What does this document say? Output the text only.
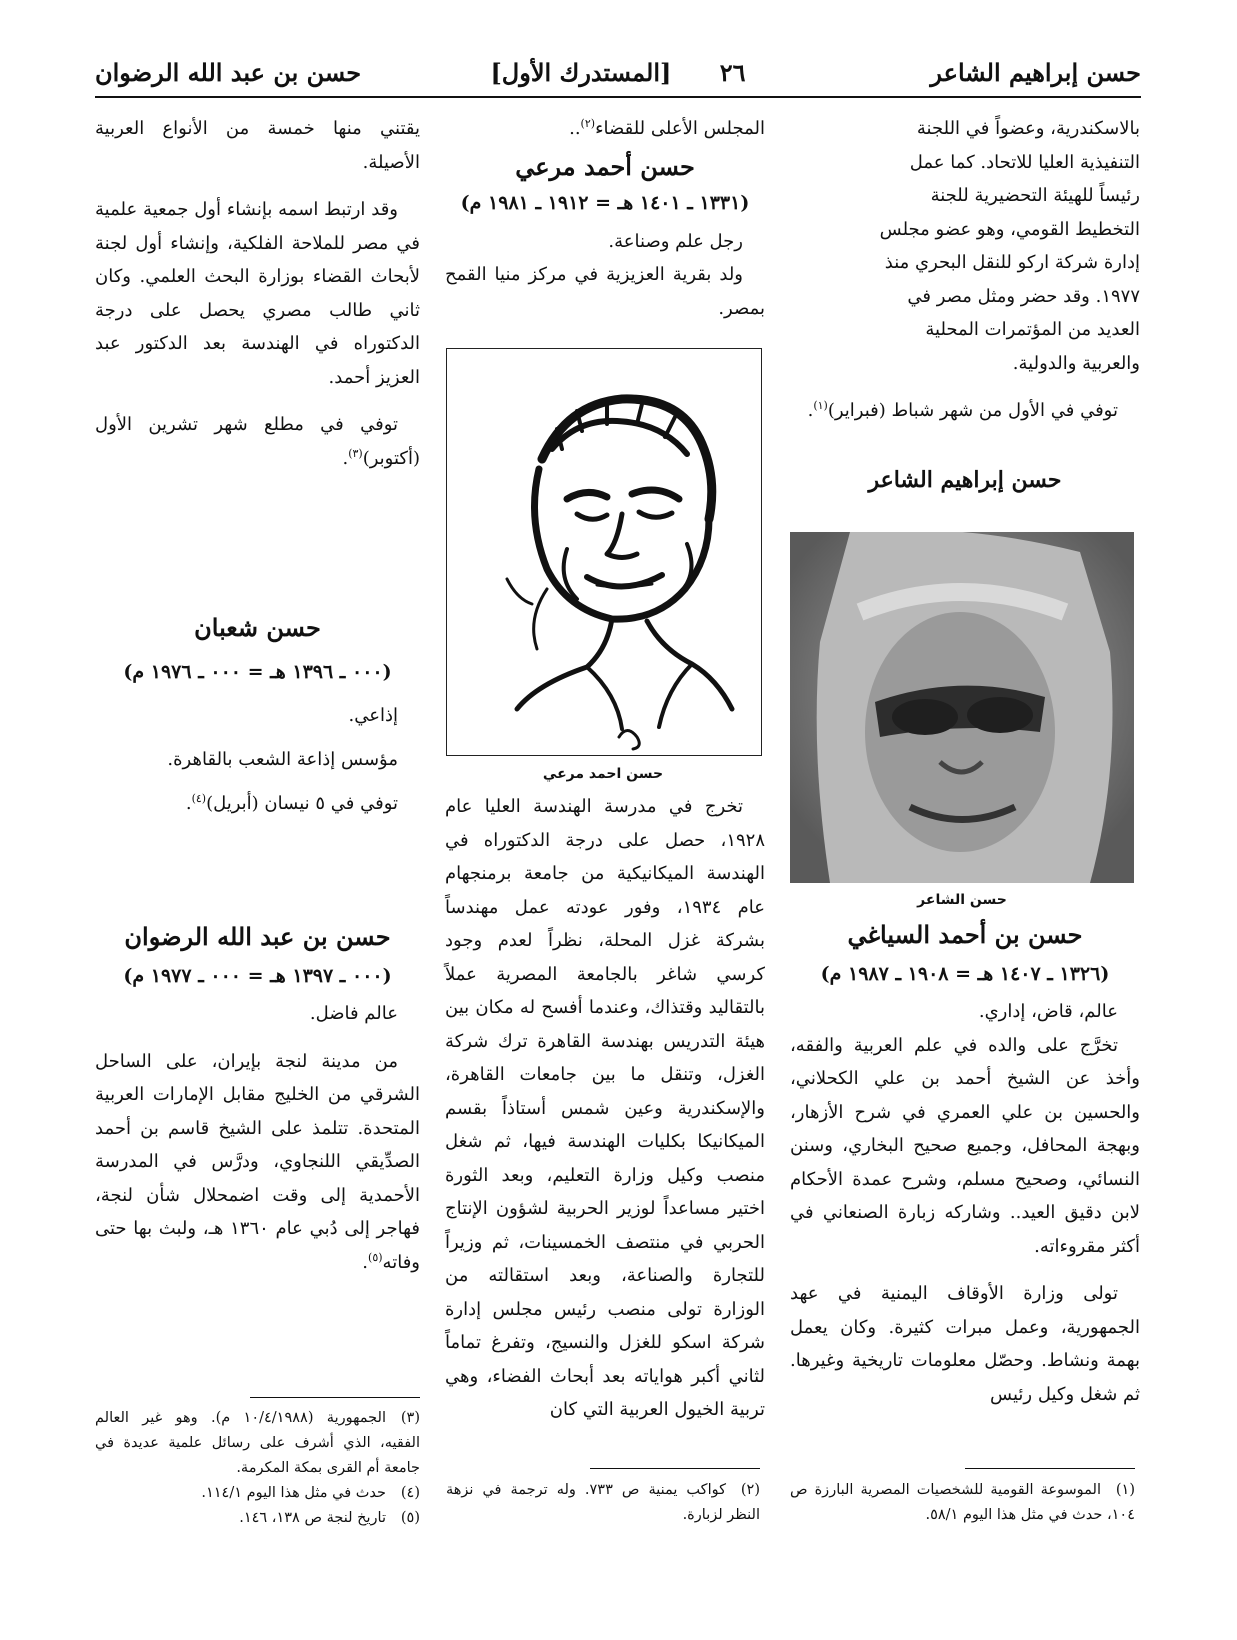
حسن إبراهيم الشاعر
٢٦ [المستدرك الأول]
حسن بن عبد الله الرضوان

بالاسكندرية، وعضواً في اللجنة

التنفيذية العليا للاتحاد. كما عمل

رئيساً للهيئة التحضيرية للجنة

التخطيط القومي، وهو عضو مجلس

إدارة شركة اركو للنقل البحري منذ

١٩٧٧. وقد حضر ومثل مصر في

العديد من المؤتمرات المحلية

والعربية والدولية.

توفي في الأول من شهر شباط (فبراير)$^{(١)}$.

حسن إبراهيم الشاعر

حسن الشاعر

حسن بن أحمد السياغي

(١٣٢٦ ـ ١٤٠٧ هـ = ١٩٠٨ ـ ١٩٨٧ م)

عالم، قاض، إداري.

تخرَّج على والده في علم العربية والفقه، وأخذ عن الشيخ أحمد بن علي الكحلاني، والحسين بن علي العمري في شرح الأزهار، وبهجة المحافل، وجميع صحيح البخاري، وسنن النسائي، وصحيح مسلم، وشرح عمدة الأحكام لابن دقيق العيد.. وشاركه زبارة الصنعاني في أكثر مقروءاته.

تولى وزارة الأوقاف اليمنية في عهد الجمهورية، وعمل مبرات كثيرة. وكان يعمل بهمة ونشاط. وحصّل معلومات تاريخية وغيرها. ثم شغل وكيل رئيس

المجلس الأعلى للقضاء$^{(٢)}$..

حسن أحمد مرعي

(١٣٣١ ـ ١٤٠١ هـ = ١٩١٢ ـ ١٩٨١ م)

رجل علم وصناعة.

ولد بقرية العزيزية في مركز منيا القمح بمصر.

حسن احمد مرعي

تخرج في مدرسة الهندسة العليا عام ١٩٢٨، حصل على درجة الدكتوراه في الهندسة الميكانيكية من جامعة برمنجهام عام ١٩٣٤، وفور عودته عمل مهندساً بشركة غزل المحلة، نظراً لعدم وجود كرسي شاغر بالجامعة المصرية عملاً بالتقاليد وقتذاك، وعندما أفسح له مكان بين هيئة التدريس بهندسة القاهرة ترك شركة الغزل، وتنقل ما بين جامعات القاهرة، والإسكندرية وعين شمس أستاذاً بقسم الميكانيكا بكليات الهندسة فيها، ثم شغل منصب وكيل وزارة التعليم، وبعد الثورة اختير مساعداً لوزير الحربية لشؤون الإنتاج الحربي في منتصف الخمسينات، ثم وزيراً للتجارة والصناعة، وبعد استقالته من الوزارة تولى منصب رئيس مجلس إدارة شركة اسكو للغزل والنسيج، وتفرغ تماماً لثاني أكبر هواياته بعد أبحاث الفضاء، وهي تربية الخيول العربية التي كان

يقتني منها خمسة من الأنواع العربية الأصيلة.

وقد ارتبط اسمه بإنشاء أول جمعية علمية في مصر للملاحة الفلكية، وإنشاء أول لجنة لأبحاث القضاء بوزارة البحث العلمي. وكان ثاني طالب مصري يحصل على درجة الدكتوراه في الهندسة بعد الدكتور عبد العزيز أحمد.

توفي في مطلع شهر تشرين الأول (أكتوبر)$^{(٣)}$.

حسن شعبان

(٠٠٠ ـ ١٣٩٦ هـ = ٠٠٠ ـ ١٩٧٦ م)

إذاعي.

مؤسس إذاعة الشعب بالقاهرة.

توفي في ٥ نيسان (أبريل)$^{(٤)}$.

حسن بن عبد الله الرضوان

(٠٠٠ ـ ١٣٩٧ هـ = ٠٠٠ ـ ١٩٧٧ م)

عالم فاضل.

من مدينة لنجة بإيران، على الساحل الشرقي من الخليج مقابل الإمارات العربية المتحدة. تتلمذ على الشيخ قاسم بن أحمد الصدِّيقي اللنجاوي، ودرَّس في المدرسة الأحمدية إلى وقت اضمحلال شأن لنجة، فهاجر إلى دُبي عام ١٣٦٠ هـ، ولبث بها حتى وفاته$^{(٥)}$.

(١)الموسوعة القومية للشخصيات المصرية البارزة ص ١٠٤، حدث في مثل هذا اليوم ٥٨/١.

(٢)كواكب يمنية ص ٧٣٣. وله ترجمة في نزهة النظر لزبارة.

(٣)الجمهورية (١٠/٤/١٩٨٨ م). وهو غير العالم الفقيه، الذي أشرف على رسائل علمية عديدة في جامعة أم القرى بمكة المكرمة.

(٤)حدث في مثل هذا اليوم ١١٤/١.

(٥)تاريخ لنجة ص ١٣٨، ١٤٦.
